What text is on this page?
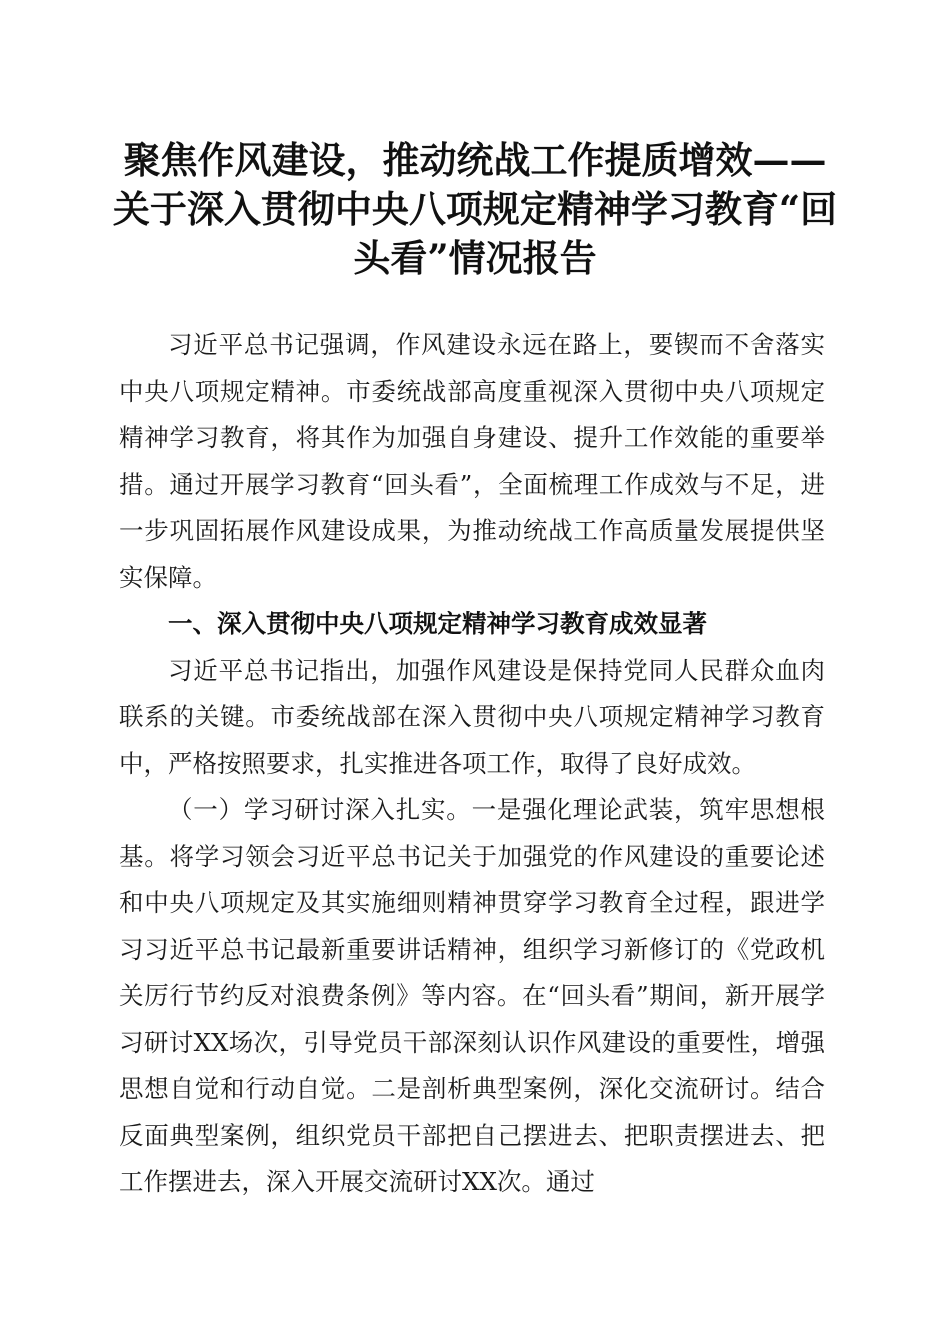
聚焦作风建设，推动统战工作提质增效——关于深入贯彻中央八项规定精神学习教育“回头看”情况报告

习近平总书记强调，作风建设永远在路上，要锲而不舍落实中央八项规定精神。市委统战部高度重视深入贯彻中央八项规定精神学习教育，将其作为加强自身建设、提升工作效能的重要举措。通过开展学习教育“回头看”，全面梳理工作成效与不足，进一步巩固拓展作风建设成果，为推动统战工作高质量发展提供坚实保障。

一、深入贯彻中央八项规定精神学习教育成效显著

习近平总书记指出，加强作风建设是保持党同人民群众血肉联系的关键。市委统战部在深入贯彻中央八项规定精神学习教育中，严格按照要求，扎实推进各项工作，取得了良好成效。

（一）学习研讨深入扎实。一是强化理论武装，筑牢思想根基。将学习领会习近平总书记关于加强党的作风建设的重要论述和中央八项规定及其实施细则精神贯穿学习教育全过程，跟进学习习近平总书记最新重要讲话精神，组织学习新修订的《党政机关厉行节约反对浪费条例》等内容。在“回头看”期间，新开展学习研讨XX场次，引导党员干部深刻认识作风建设的重要性，增强思想自觉和行动自觉。二是剖析典型案例，深化交流研讨。结合反面典型案例，组织党员干部把自己摆进去、把职责摆进去、把工作摆进去，深入开展交流研讨XX次。通过
